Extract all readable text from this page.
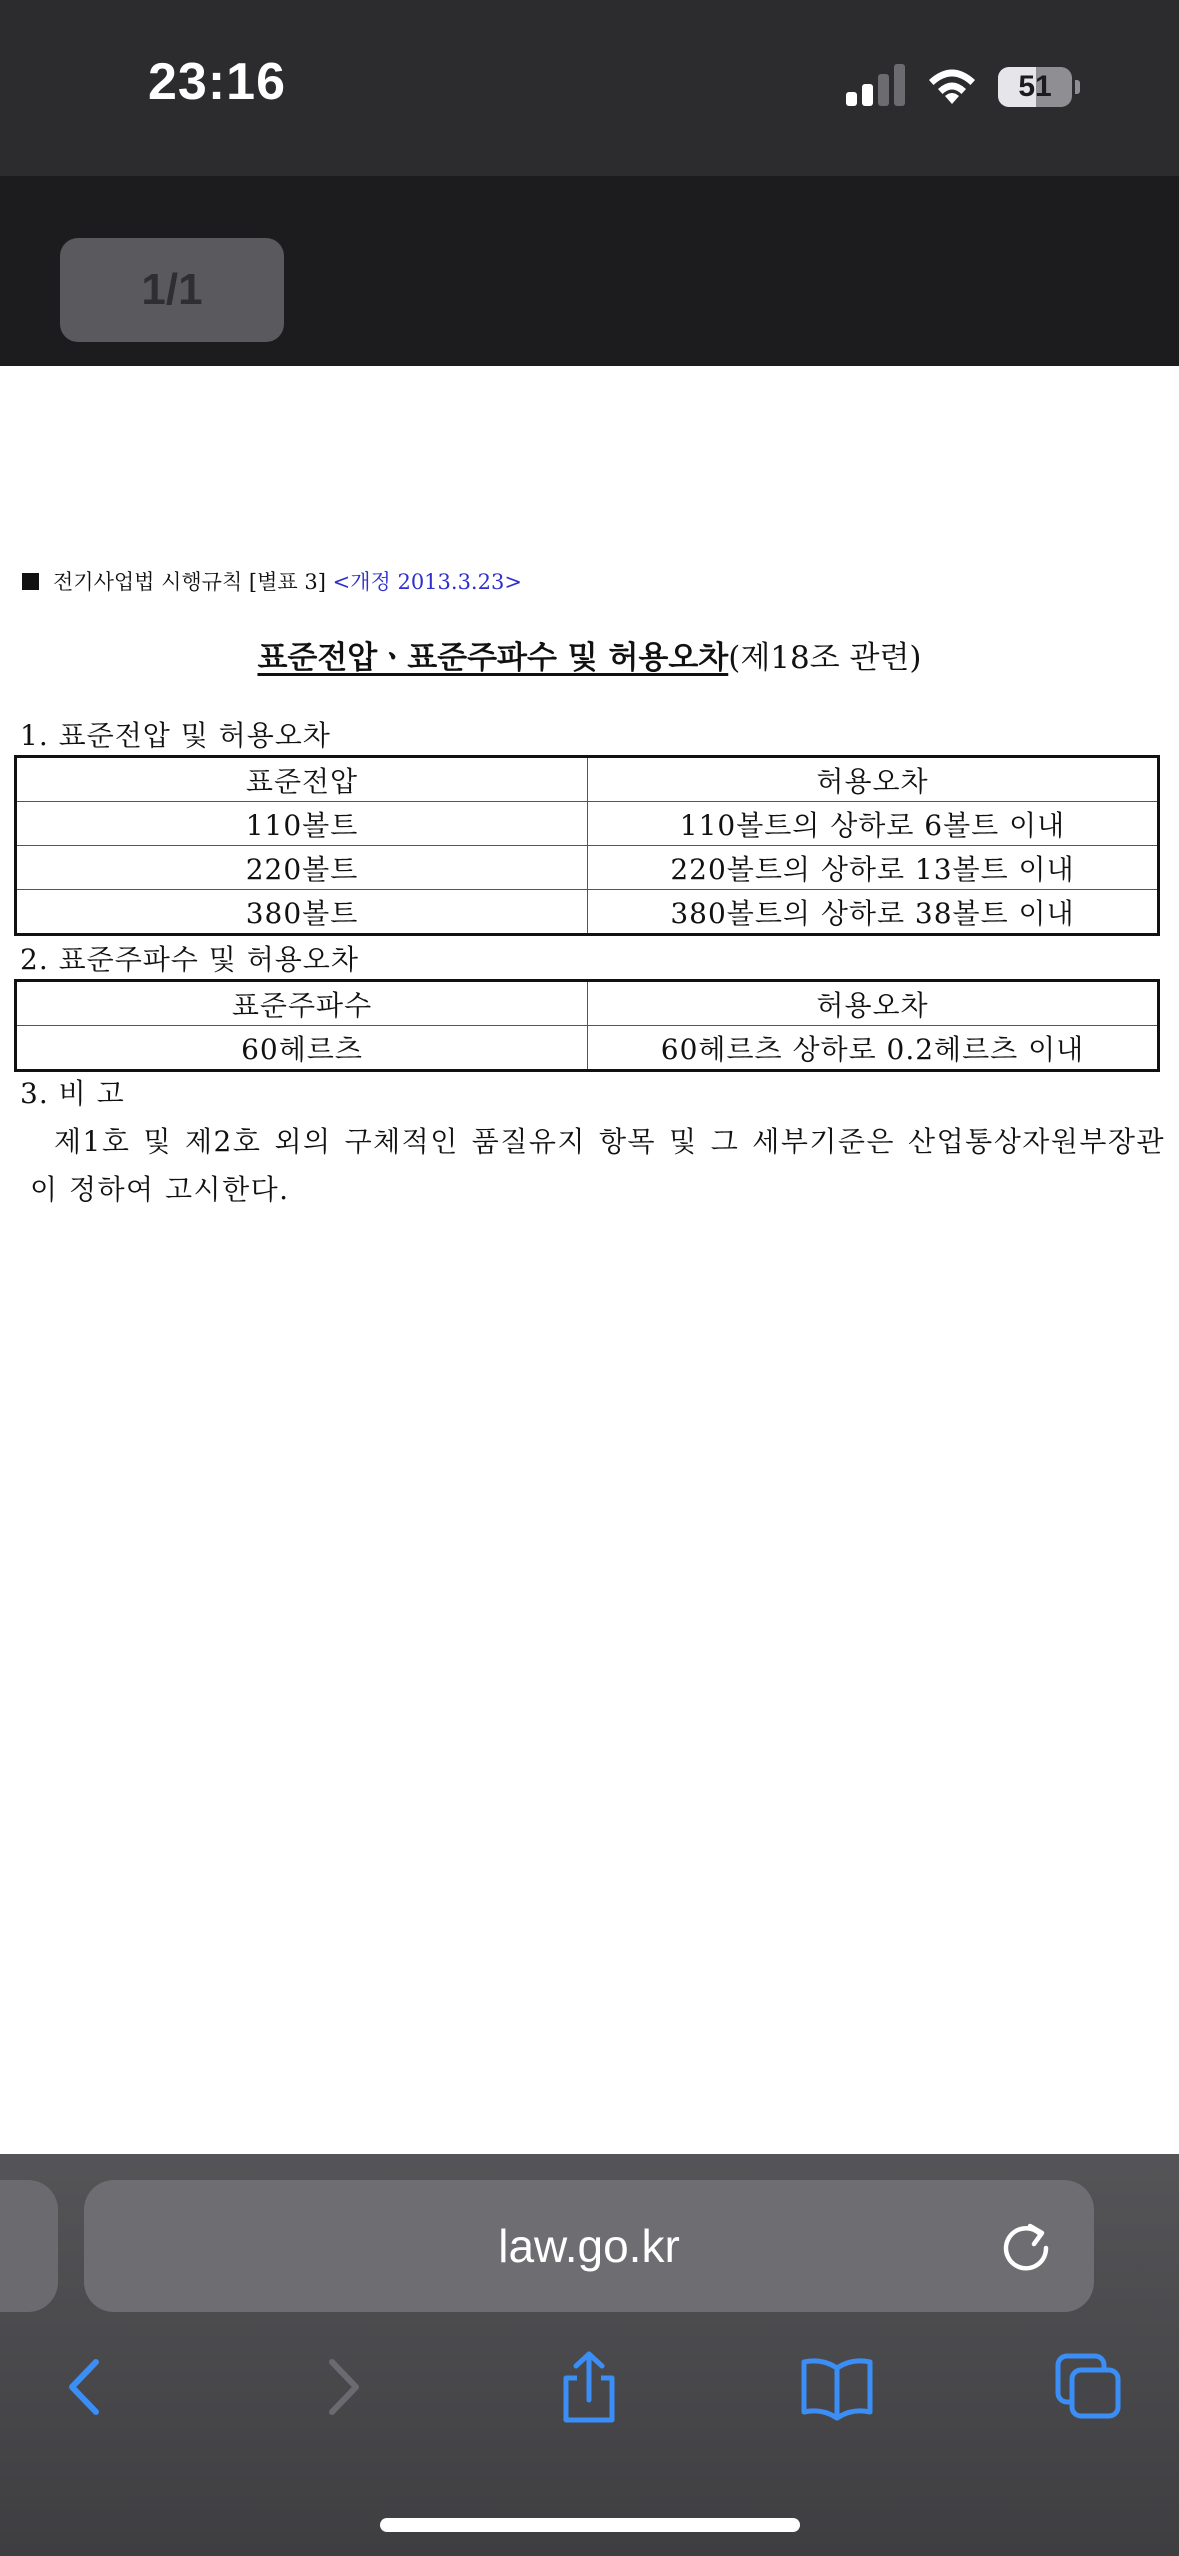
23:16	51
1/1
전기사업법 시행규칙 [별표 3] <개정 2013.3.23>
표준전압ㆍ표준주파수 및 허용오차(제18조 관련)
1. 표준전압 및 허용오차
표준전압	허용오차
110볼트	110볼트의 상하로 6볼트 이내
220볼트	220볼트의 상하로 13볼트 이내
380볼트	380볼트의 상하로 38볼트 이내
2. 표준주파수 및 허용오차
표준주파수	허용오차
60헤르츠	60헤르츠 상하로 0.2헤르츠 이내
3. 비 고
제1호 및 제2호 외의 구체적인 품질유지 항목 및 그 세부기준은 산업통상자원부장관이 정하여 고시한다.
law.go.kr
